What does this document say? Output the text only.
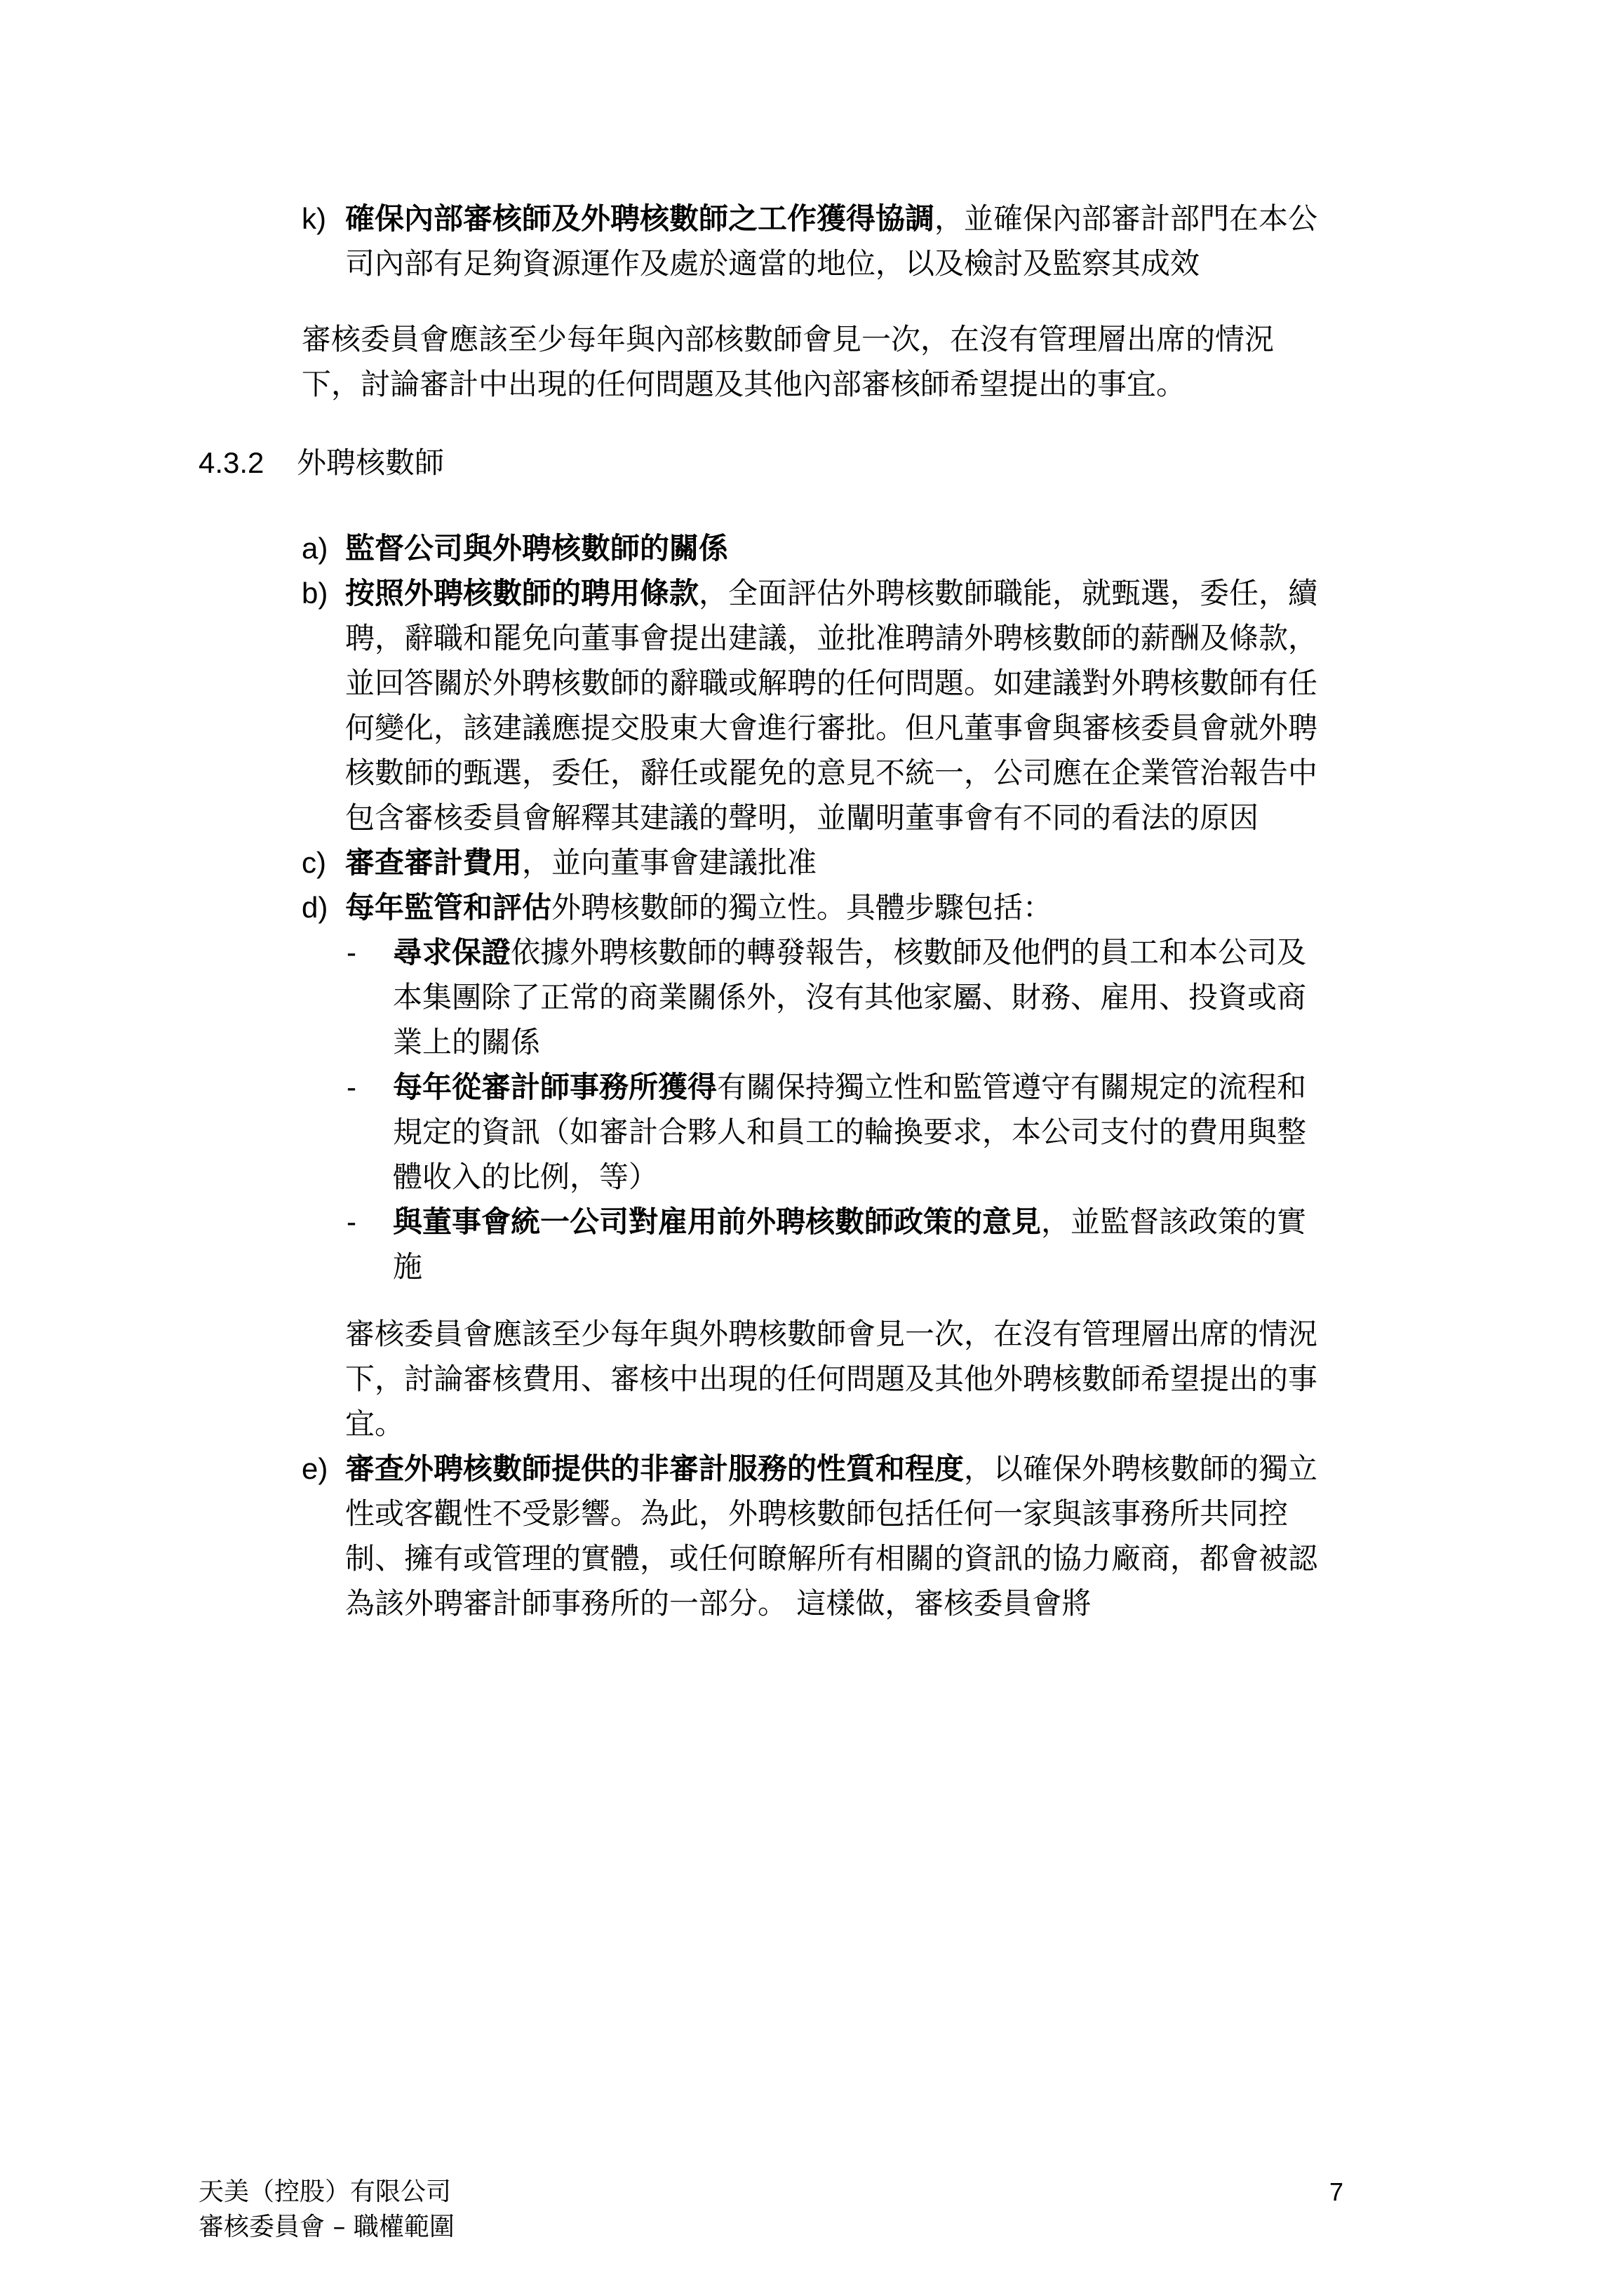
k) 確保內部審核師及外聘核數師之工作獲得協調，並確保內部審計部門在本公
司內部有足夠資源運作及處於適當的地位，以及檢討及監察其成效
審核委員會應該至少每年與內部核數師會見一次，在沒有管理層出席的情況
下，討論審計中出現的任何問題及其他內部審核師希望提出的事宜。
4.3.2 外聘核數師
a) 監督公司與外聘核數師的關係
b) 按照外聘核數師的聘用條款，全面評估外聘核數師職能，就甄選，委任，續
聘，辭職和罷免向董事會提出建議，並批准聘請外聘核數師的薪酬及條款，
並回答關於外聘核數師的辭職或解聘的任何問題。如建議對外聘核數師有任
何變化，該建議應提交股東大會進行審批。但凡董事會與審核委員會就外聘
核數師的甄選，委任，辭任或罷免的意見不統一，公司應在企業管治報告中
包含審核委員會解釋其建議的聲明，並闡明董事會有不同的看法的原因
c) 審查審計費用，並向董事會建議批准
d) 每年監管和評估外聘核數師的獨立性。具體步驟包括：
- 尋求保證依據外聘核數師的轉發報告，核數師及他們的員工和本公司及
本集團除了正常的商業關係外，沒有其他家屬、財務、雇用、投資或商
業上的關係
- 每年從審計師事務所獲得有關保持獨立性和監管遵守有關規定的流程和
規定的資訊（如審計合夥人和員工的輪換要求，本公司支付的費用與整
體收入的比例，等）
- 與董事會統一公司對雇用前外聘核數師政策的意見，並監督該政策的實
施
審核委員會應該至少每年與外聘核數師會見一次，在沒有管理層出席的情況
下，討論審核費用、審核中出現的任何問題及其他外聘核數師希望提出的事
宜。
e) 審查外聘核數師提供的非審計服務的性質和程度，以確保外聘核數師的獨立
性或客觀性不受影響。為此，外聘核數師包括任何一家與該事務所共同控
制、擁有或管理的實體，或任何瞭解所有相關的資訊的協力廠商，都會被認
為該外聘審計師事務所的一部分。 這樣做，審核委員會將
天美（控股）有限公司
審核委員會 – 職權範圍
7
